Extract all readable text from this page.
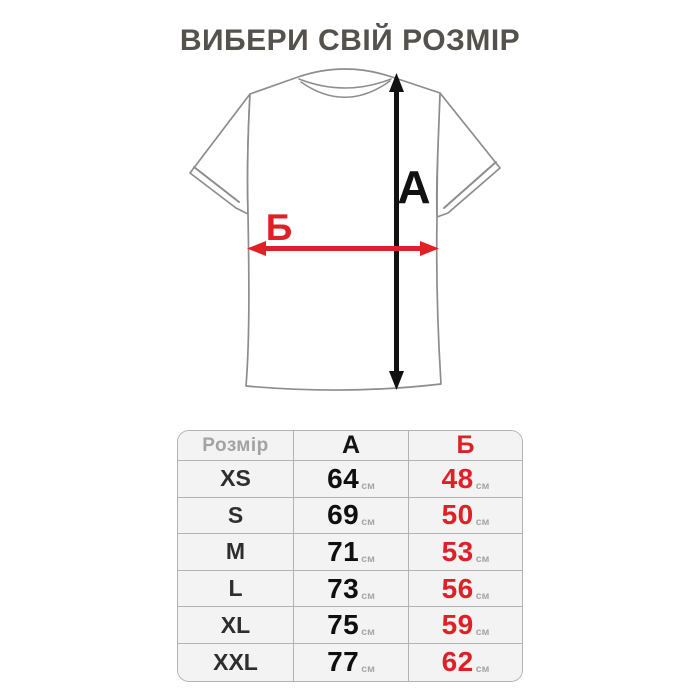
ВИБЕРИ СВІЙ РОЗМІР
А
Б
Розмір	А	Б
XS	64 см 48 см
S	69 см 50 см
M	71 см 53 см
L	73 см 56 см
XL	75 см 59 см
XXL 77 см 62 см
